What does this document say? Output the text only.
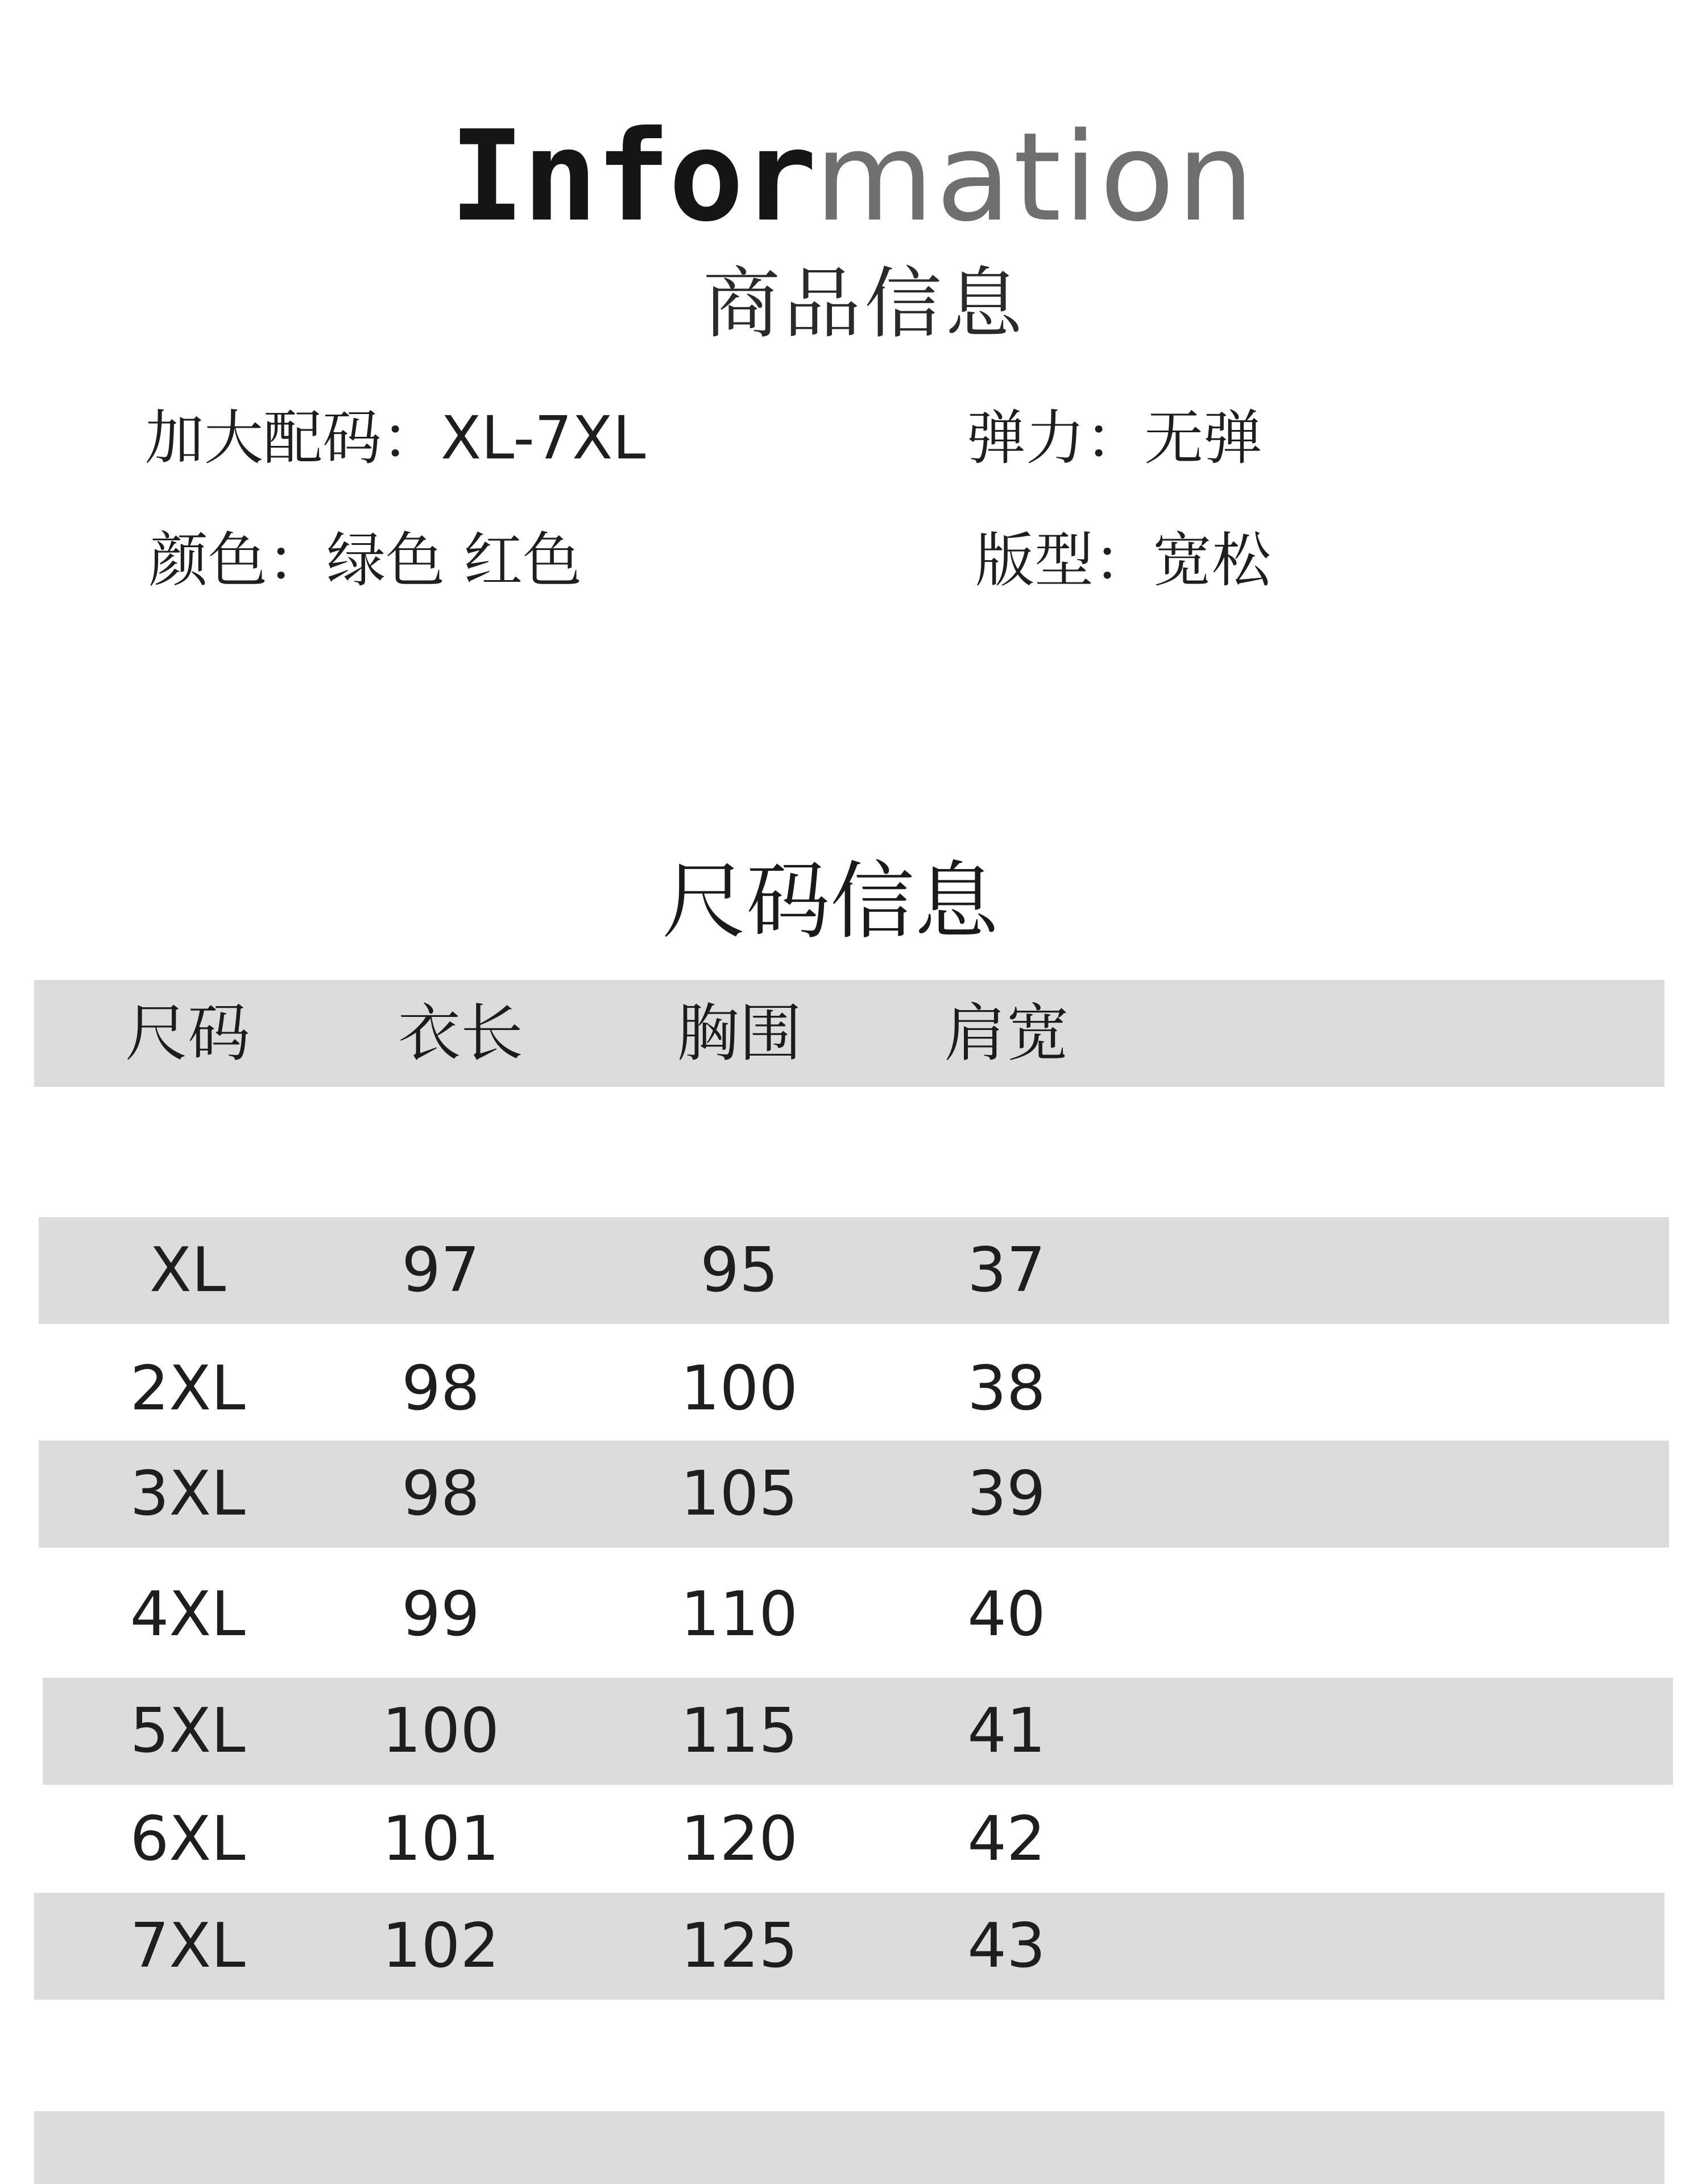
Information
商品信息
加大配码：XL-7XL	弹力：无弹
颜色：绿色 红色	版型：宽松
尺码信息
尺码	衣长	胸围	肩宽
XL	97	95	37
2XL	98	100	38
3XL	98	105	39
4XL	99	110	40
5XL	100	115	41
6XL	101	120	42
7XL	102	125	43
